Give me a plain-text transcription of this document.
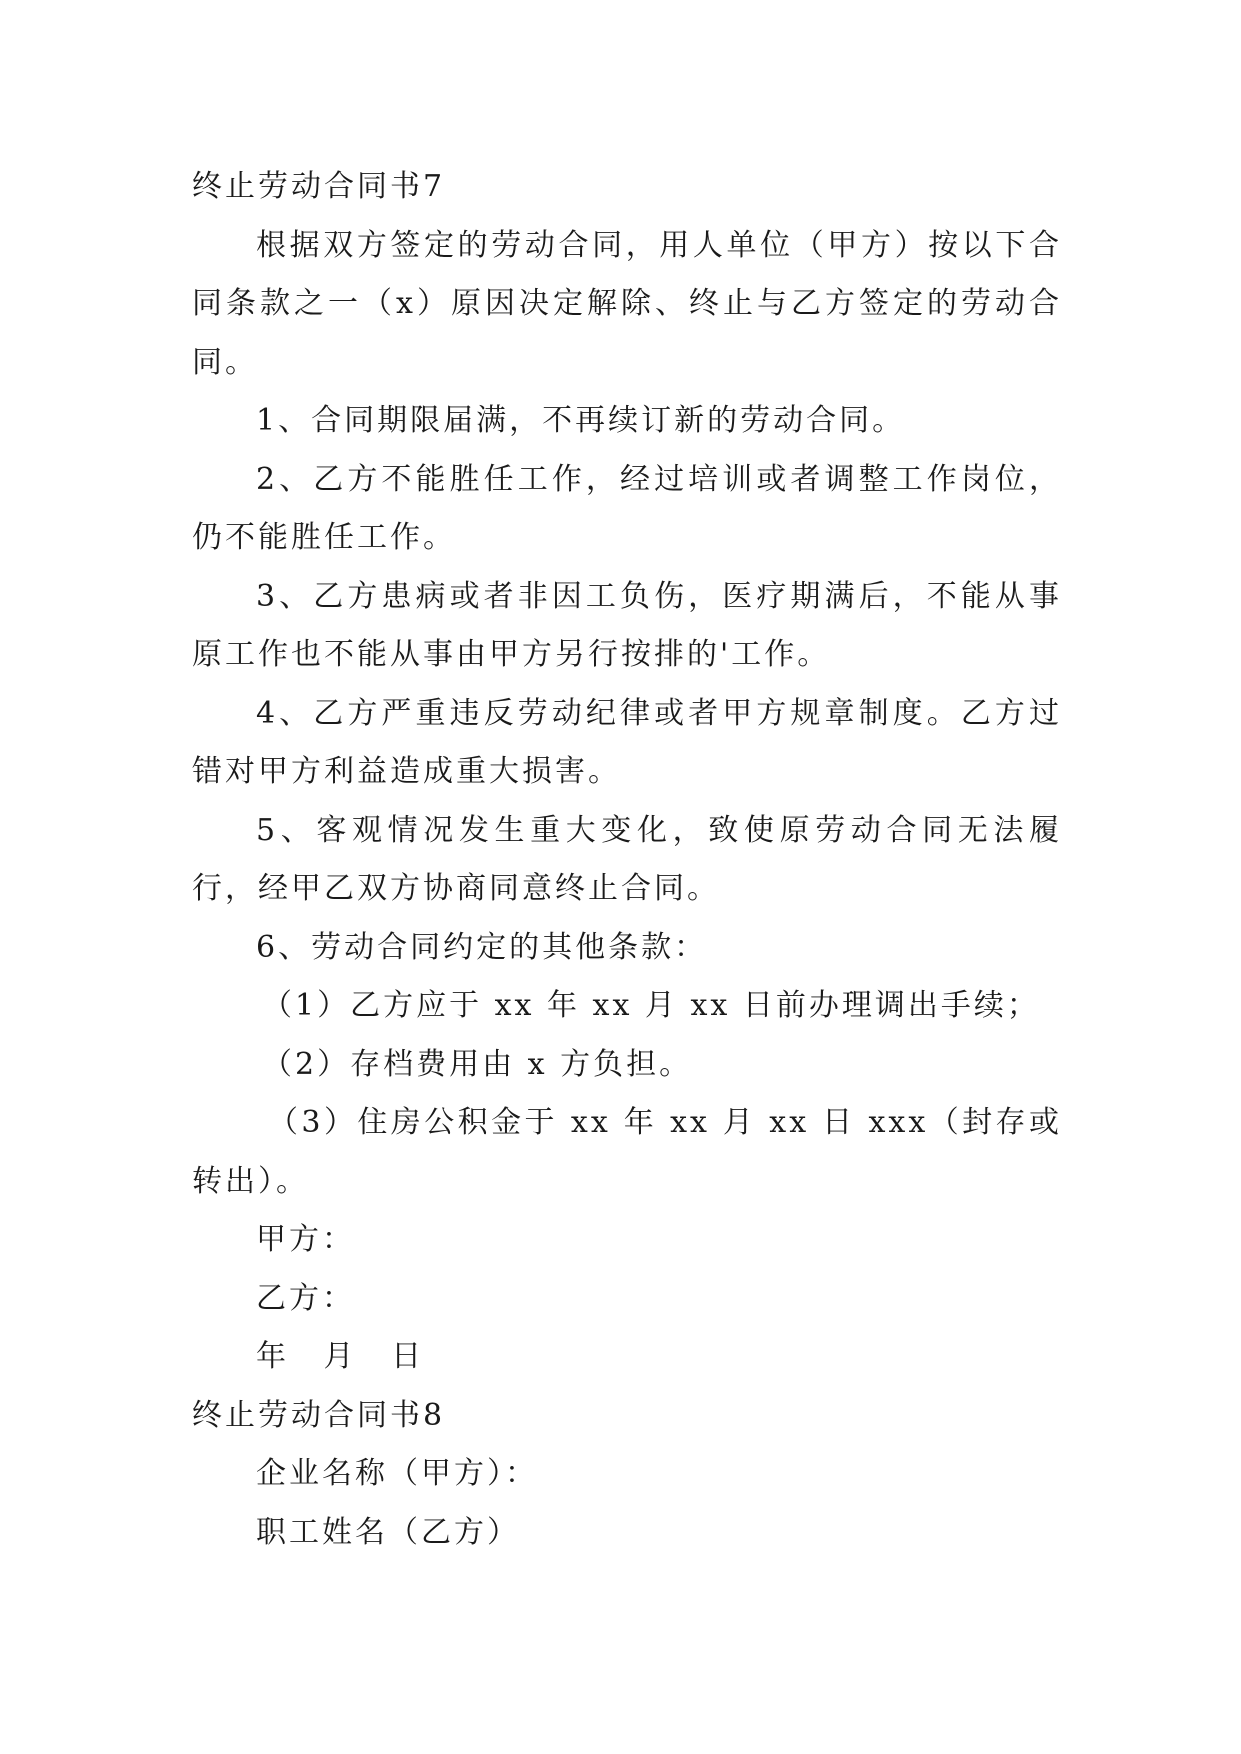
终止劳动合同书7
根据双方签定的劳动合同，用人单位（甲方）按以下合同条款之一（x）原因决定解除、终止与乙方签定的劳动合同。
1、合同期限届满，不再续订新的劳动合同。
2、乙方不能胜任工作，经过培训或者调整工作岗位，仍不能胜任工作。
3、乙方患病或者非因工负伤，医疗期满后，不能从事原工作也不能从事由甲方另行按排的'工作。
4、乙方严重违反劳动纪律或者甲方规章制度。乙方过错对甲方利益造成重大损害。
5、客观情况发生重大变化，致使原劳动合同无法履行，经甲乙双方协商同意终止合同。
6、劳动合同约定的其他条款：
（1）乙方应于 xx 年 xx 月 xx 日前办理调出手续；
（2）存档费用由 x 方负担。
（3）住房公积金于 xx 年 xx 月 xx 日 xxx（封存或转出）。
甲方：
乙方：
年 月 日
终止劳动合同书8
企业名称（甲方）：
职工姓名（乙方）
